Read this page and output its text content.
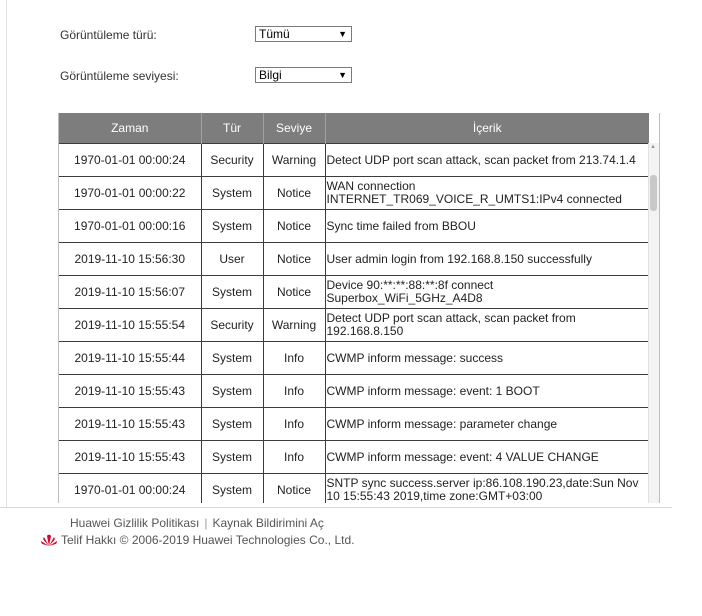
Görüntüleme türü:	Tümü	▼
Görüntüleme seviyesi:	Bilgi	▼
Zaman	Tür	Seviye	İçerik
1970-01-01 00:00:24	Security	Warning	Detect UDP port scan attack, scan packet from 213.74.1.4
1970-01-01 00:00:22	System	Notice	WAN connection
INTERNET_TR069_VOICE_R_UMTS1:IPv4 connected
1970-01-01 00:00:16	System	Notice	Sync time failed from BBOU
2019-11-10 15:56:30	User	Notice	User admin login from 192.168.8.150 successfully
2019-11-10 15:56:07	System	Notice	Device 90:**:**:88:**:8f connect
Superbox_WiFi_5GHz_A4D8
2019-11-10 15:55:54	Security	Warning	Detect UDP port scan attack, scan packet from
192.168.8.150
2019-11-10 15:55:44	System	Info	CWMP inform message: success
2019-11-10 15:55:43	System	Info	CWMP inform message: event: 1 BOOT
2019-11-10 15:55:43	System	Info	CWMP inform message: parameter change
2019-11-10 15:55:43	System	Info	CWMP inform message: event: 4 VALUE CHANGE
1970-01-01 00:00:24	System	Notice	SNTP sync success.server ip:86.108.190.23,date:Sun Nov
10 15:55:43 2019,time zone:GMT+03:00
▲
Huawei Gizlilik Politikası | Kaynak Bildirimini Aç
Telif Hakkı © 2006-2019 Huawei Technologies Co., Ltd.
